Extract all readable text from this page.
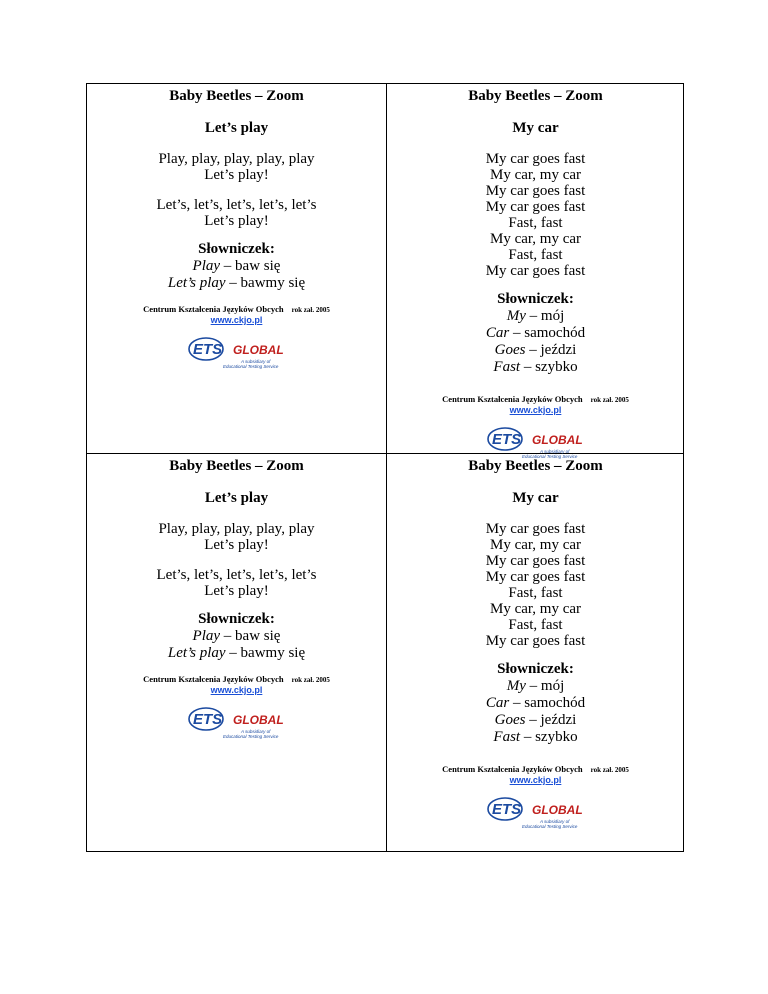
Baby Beetles – Zoom
Let’s play
Play, play, play, play, play
Let’s play!
Let’s, let’s, let’s, let’s, let’s
Let’s play!
Słowniczek:
Play – baw się
Let’s play – bawmy się
Centrum Kształcenia Języków Obcych rok zał. 2005
www.ckjo.pl
ETS GLOBAL
A subsidiary of
Educational Testing Service
Baby Beetles – Zoom
My car
My car goes fast
My car, my car
My car goes fast
My car goes fast
Fast, fast
My car, my car
Fast, fast
My car goes fast
Słowniczek:
My – mój
Car – samochód
Goes – jeździ
Fast – szybko
Centrum Kształcenia Języków Obcych rok zał. 2005
www.ckjo.pl
ETS GLOBAL
A subsidiary of
Educational Testing Service
Baby Beetles – Zoom
Let’s play
Play, play, play, play, play
Let’s play!
Let’s, let’s, let’s, let’s, let’s
Let’s play!
Słowniczek:
Play – baw się
Let’s play – bawmy się
Centrum Kształcenia Języków Obcych rok zał. 2005
www.ckjo.pl
ETS GLOBAL
A subsidiary of
Educational Testing Service
Baby Beetles – Zoom
My car
My car goes fast
My car, my car
My car goes fast
My car goes fast
Fast, fast
My car, my car
Fast, fast
My car goes fast
Słowniczek:
My – mój
Car – samochód
Goes – jeździ
Fast – szybko
Centrum Kształcenia Języków Obcych rok zał. 2005
www.ckjo.pl
ETS GLOBAL
A subsidiary of
Educational Testing Service
